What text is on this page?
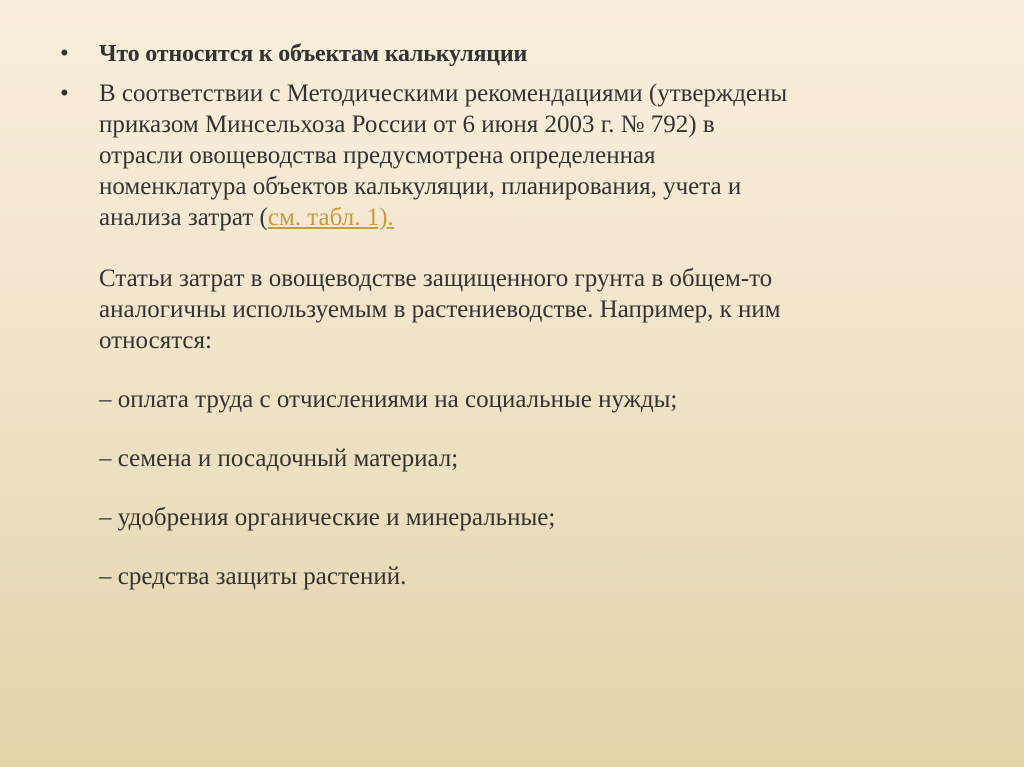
•	Что относится к объектам калькуляции
•	В соответствии с Методическими рекомендациями (утверждены

приказом Минсельхоза России от 6 июня 2003 г. № 792) в

отрасли овощеводства предусмотрена определенная

номенклатура объектов калькуляции, планирования, учета и

анализа затрат (см. табл. 1).

Статьи затрат в овощеводстве защищенного грунта в общем-то

аналогичны используемым в растениеводстве. Например, к ним

относятся:

– оплата труда с отчислениями на социальные нужды;

– семена и посадочный материал;

– удобрения органические и минеральные;

– средства защиты растений.
